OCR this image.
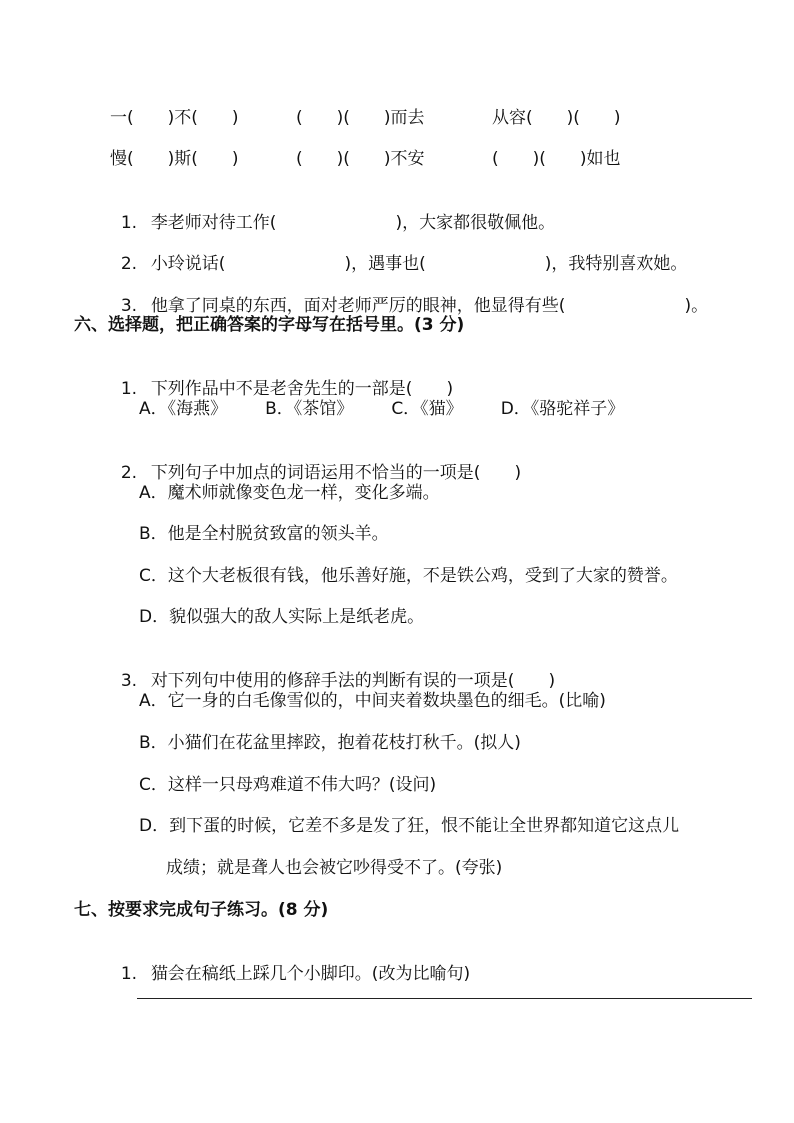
一(　　)不(　　)	(　　)(　　)而去	从容(　　)(　　)
慢(　　)斯(　　)	(　　)(　　)不安	(　　)(　　)如也

1. 李老师对待工作(　　　　　　　)，大家都很敬佩他。

2. 小玲说话(　　　　　　　)，遇事也(　　　　　　　)，我特别喜欢她。

3. 他拿了同桌的东西，面对老师严厉的眼神，他显得有些(　　　　　　　)。

六、选择题，把正确答案的字母写在括号里。(3 分)

1. 下列作品中不是老舍先生的一部是(　　)

A．《海燕》 B．《茶馆》 C．《猫》 D．《骆驼祥子》

2. 下列句子中加点的词语运用不恰当的一项是(　　)

A．魔术师就像变色龙一样，变化多端。
B．他是全村脱贫致富的领头羊。
C．这个大老板很有钱，他乐善好施，不是铁公鸡，受到了大家的赞誉。
D．貌似强大的敌人实际上是纸老虎。

3. 对下列句中使用的修辞手法的判断有误的一项是(　　)

A．它一身的白毛像雪似的，中间夹着数块墨色的细毛。(比喻)
B．小猫们在花盆里摔跤，抱着花枝打秋千。(拟人)
C．这样一只母鸡难道不伟大吗？(设问)
D．到下蛋的时候，它差不多是发了狂，恨不能让全世界都知道它这点儿
成绩；就是聋人也会被它吵得受不了。(夸张)
七、按要求完成句子练习。(8 分)

1. 猫会在稿纸上踩几个小脚印。(改为比喻句)
